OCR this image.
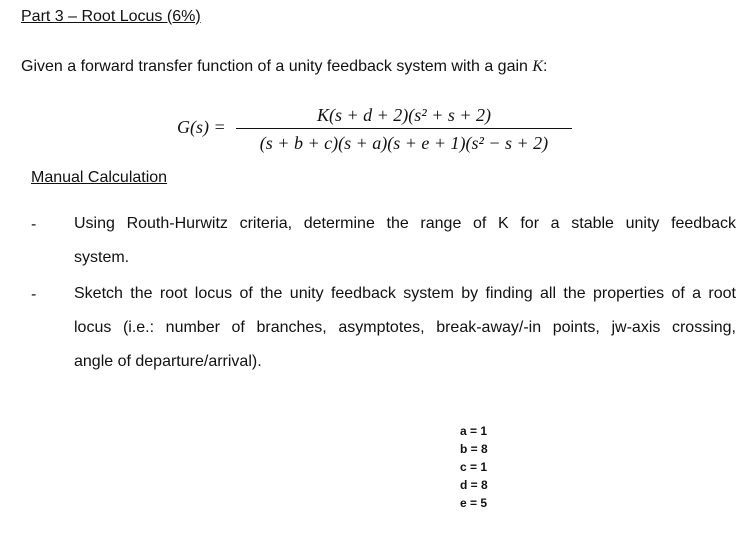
Part 3 – Root Locus (6%)
Given a forward transfer function of a unity feedback system with a gain K:
G(s) =
K(s + d + 2)(s² + s + 2)
(s + b + c)(s + a)(s + e + 1)(s² − s + 2)
Manual Calculation
- Using Routh-Hurwitz criteria, determine the range of K for a stable unity feedback
system.
- Sketch the root locus of the unity feedback system by finding all the properties of a root
locus (i.e.: number of branches, asymptotes, break-away/-in points, jw-axis crossing,
angle of departure/arrival).
a = 1
b = 8
c = 1
d = 8
e = 5
